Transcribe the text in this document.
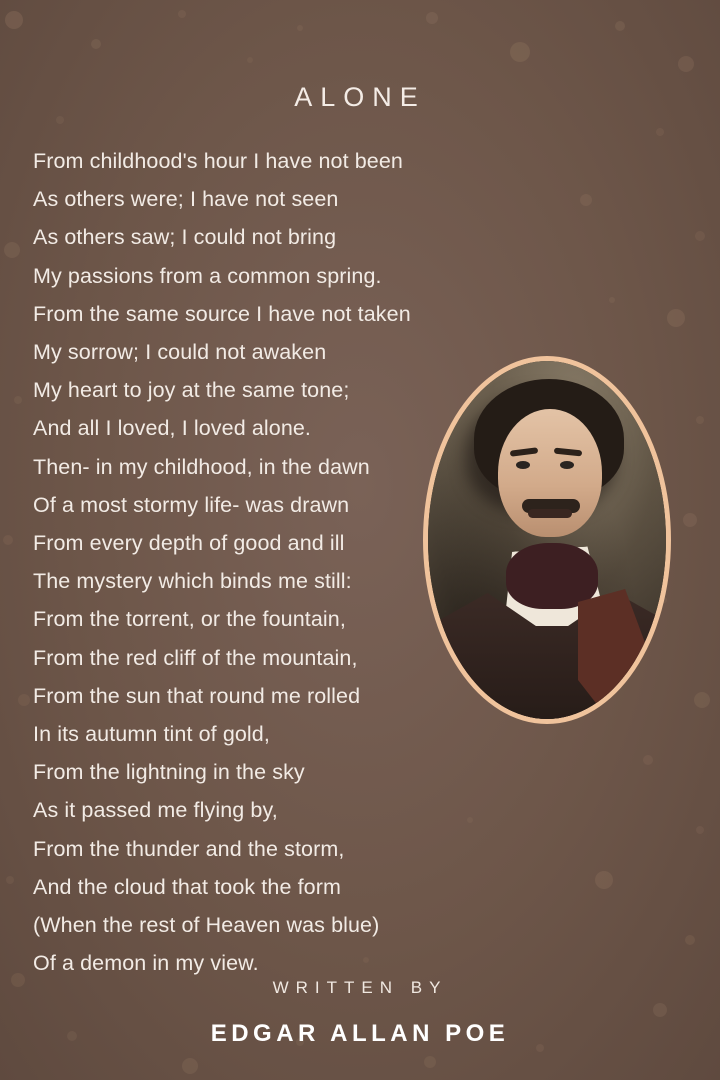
ALONE
From childhood's hour I have not been
As others were; I have not seen
As others saw; I could not bring
My passions from a common spring.
From the same source I have not taken
My sorrow; I could not awaken
My heart to joy at the same tone;
And all I loved, I loved alone.
Then- in my childhood, in the dawn
Of a most stormy life- was drawn
From every depth of good and ill
The mystery which binds me still:
From the torrent, or the fountain,
From the red cliff of the mountain,
From the sun that round me rolled
In its autumn tint of gold,
From the lightning in the sky
As it passed me flying by,
From the thunder and the storm,
And the cloud that took the form
(When the rest of Heaven was blue)
Of a demon in my view.
WRITTEN BY
EDGAR ALLAN POE
